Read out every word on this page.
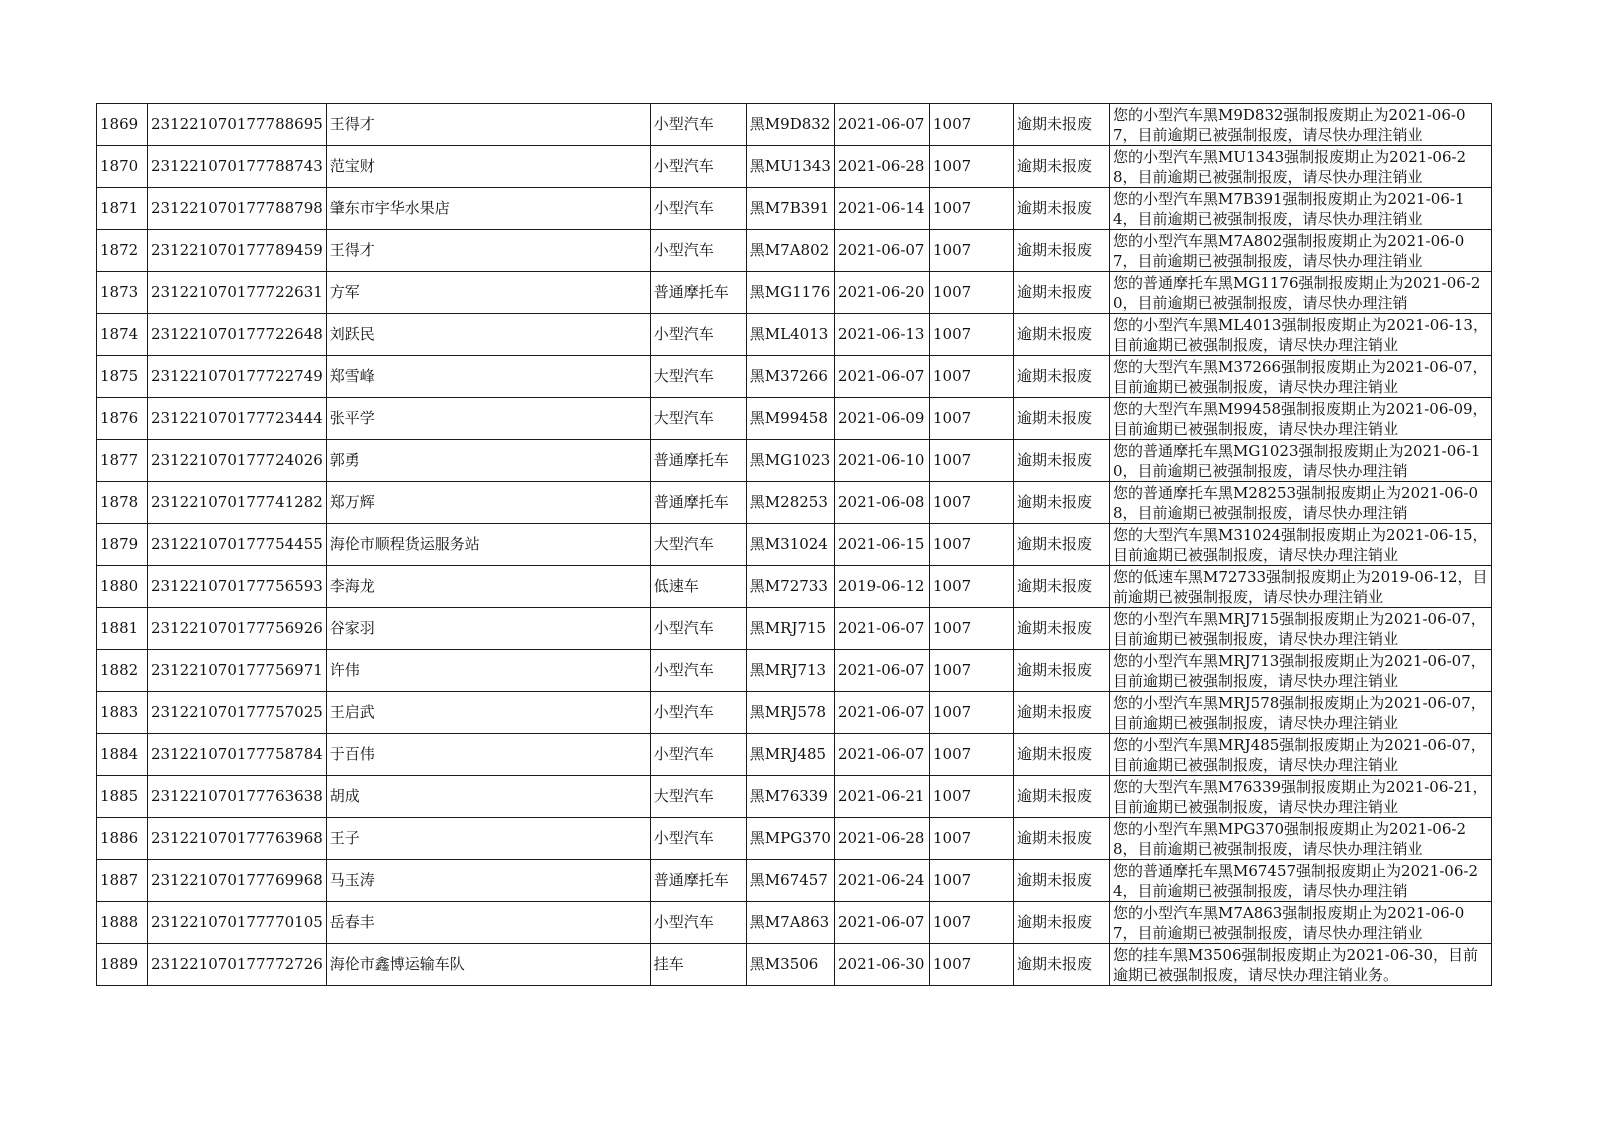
1869	231221070177788695	王得才	小型汽车	黑M9D832	2021-06-07	1007	逾期未报废	您的小型汽车黑M9D832强制报废期止为2021-06-07，目前逾期已被强制报废，请尽快办理注销业

1870	231221070177788743	范宝财	小型汽车	黑MU1343	2021-06-28	1007	逾期未报废	您的小型汽车黑MU1343强制报废期止为2021-06-28，目前逾期已被强制报废，请尽快办理注销业

1871	231221070177788798	肇东市宇华水果店	小型汽车	黑M7B391	2021-06-14	1007	逾期未报废	您的小型汽车黑M7B391强制报废期止为2021-06-14，目前逾期已被强制报废，请尽快办理注销业

1872	231221070177789459	王得才	小型汽车	黑M7A802	2021-06-07	1007	逾期未报废	您的小型汽车黑M7A802强制报废期止为2021-06-07，目前逾期已被强制报废，请尽快办理注销业

1873	231221070177722631	方军	普通摩托车	黑MG1176	2021-06-20	1007	逾期未报废	您的普通摩托车黑MG1176强制报废期止为2021-06-20，目前逾期已被强制报废，请尽快办理注销

1874	231221070177722648	刘跃民	小型汽车	黑ML4013	2021-06-13	1007	逾期未报废	您的小型汽车黑ML4013强制报废期止为2021-06-13，目前逾期已被强制报废，请尽快办理注销业

1875	231221070177722749	郑雪峰	大型汽车	黑M37266	2021-06-07	1007	逾期未报废	您的大型汽车黑M37266强制报废期止为2021-06-07，目前逾期已被强制报废，请尽快办理注销业

1876	231221070177723444	张平学	大型汽车	黑M99458	2021-06-09	1007	逾期未报废	您的大型汽车黑M99458强制报废期止为2021-06-09，目前逾期已被强制报废，请尽快办理注销业

1877	231221070177724026	郭勇	普通摩托车	黑MG1023	2021-06-10	1007	逾期未报废	您的普通摩托车黑MG1023强制报废期止为2021-06-10，目前逾期已被强制报废，请尽快办理注销

1878	231221070177741282	郑万辉	普通摩托车	黑M28253	2021-06-08	1007	逾期未报废	您的普通摩托车黑M28253强制报废期止为2021-06-08，目前逾期已被强制报废，请尽快办理注销

1879	231221070177754455	海伦市顺程货运服务站	大型汽车	黑M31024	2021-06-15	1007	逾期未报废	您的大型汽车黑M31024强制报废期止为2021-06-15，目前逾期已被强制报废，请尽快办理注销业

1880	231221070177756593	李海龙	低速车	黑M72733	2019-06-12	1007	逾期未报废	您的低速车黑M72733强制报废期止为2019-06-12，目前逾期已被强制报废，请尽快办理注销业

1881	231221070177756926	谷家羽	小型汽车	黑MRJ715	2021-06-07	1007	逾期未报废	您的小型汽车黑MRJ715强制报废期止为2021-06-07，目前逾期已被强制报废，请尽快办理注销业

1882	231221070177756971	许伟	小型汽车	黑MRJ713	2021-06-07	1007	逾期未报废	您的小型汽车黑MRJ713强制报废期止为2021-06-07，目前逾期已被强制报废，请尽快办理注销业

1883	231221070177757025	王启武	小型汽车	黑MRJ578	2021-06-07	1007	逾期未报废	您的小型汽车黑MRJ578强制报废期止为2021-06-07，目前逾期已被强制报废，请尽快办理注销业

1884	231221070177758784	于百伟	小型汽车	黑MRJ485	2021-06-07	1007	逾期未报废	您的小型汽车黑MRJ485强制报废期止为2021-06-07，目前逾期已被强制报废，请尽快办理注销业

1885	231221070177763638	胡成	大型汽车	黑M76339	2021-06-21	1007	逾期未报废	您的大型汽车黑M76339强制报废期止为2021-06-21，目前逾期已被强制报废，请尽快办理注销业

1886	231221070177763968	王子	小型汽车	黑MPG370	2021-06-28	1007	逾期未报废	您的小型汽车黑MPG370强制报废期止为2021-06-28，目前逾期已被强制报废，请尽快办理注销业

1887	231221070177769968	马玉涛	普通摩托车	黑M67457	2021-06-24	1007	逾期未报废	您的普通摩托车黑M67457强制报废期止为2021-06-24，目前逾期已被强制报废，请尽快办理注销

1888	231221070177770105	岳春丰	小型汽车	黑M7A863	2021-06-07	1007	逾期未报废	您的小型汽车黑M7A863强制报废期止为2021-06-07，目前逾期已被强制报废，请尽快办理注销业

1889	231221070177772726	海伦市鑫博运输车队	挂车	黑M3506	2021-06-30	1007	逾期未报废	您的挂车黑M3506强制报废期止为2021-06-30，目前逾期已被强制报废，请尽快办理注销业务。
